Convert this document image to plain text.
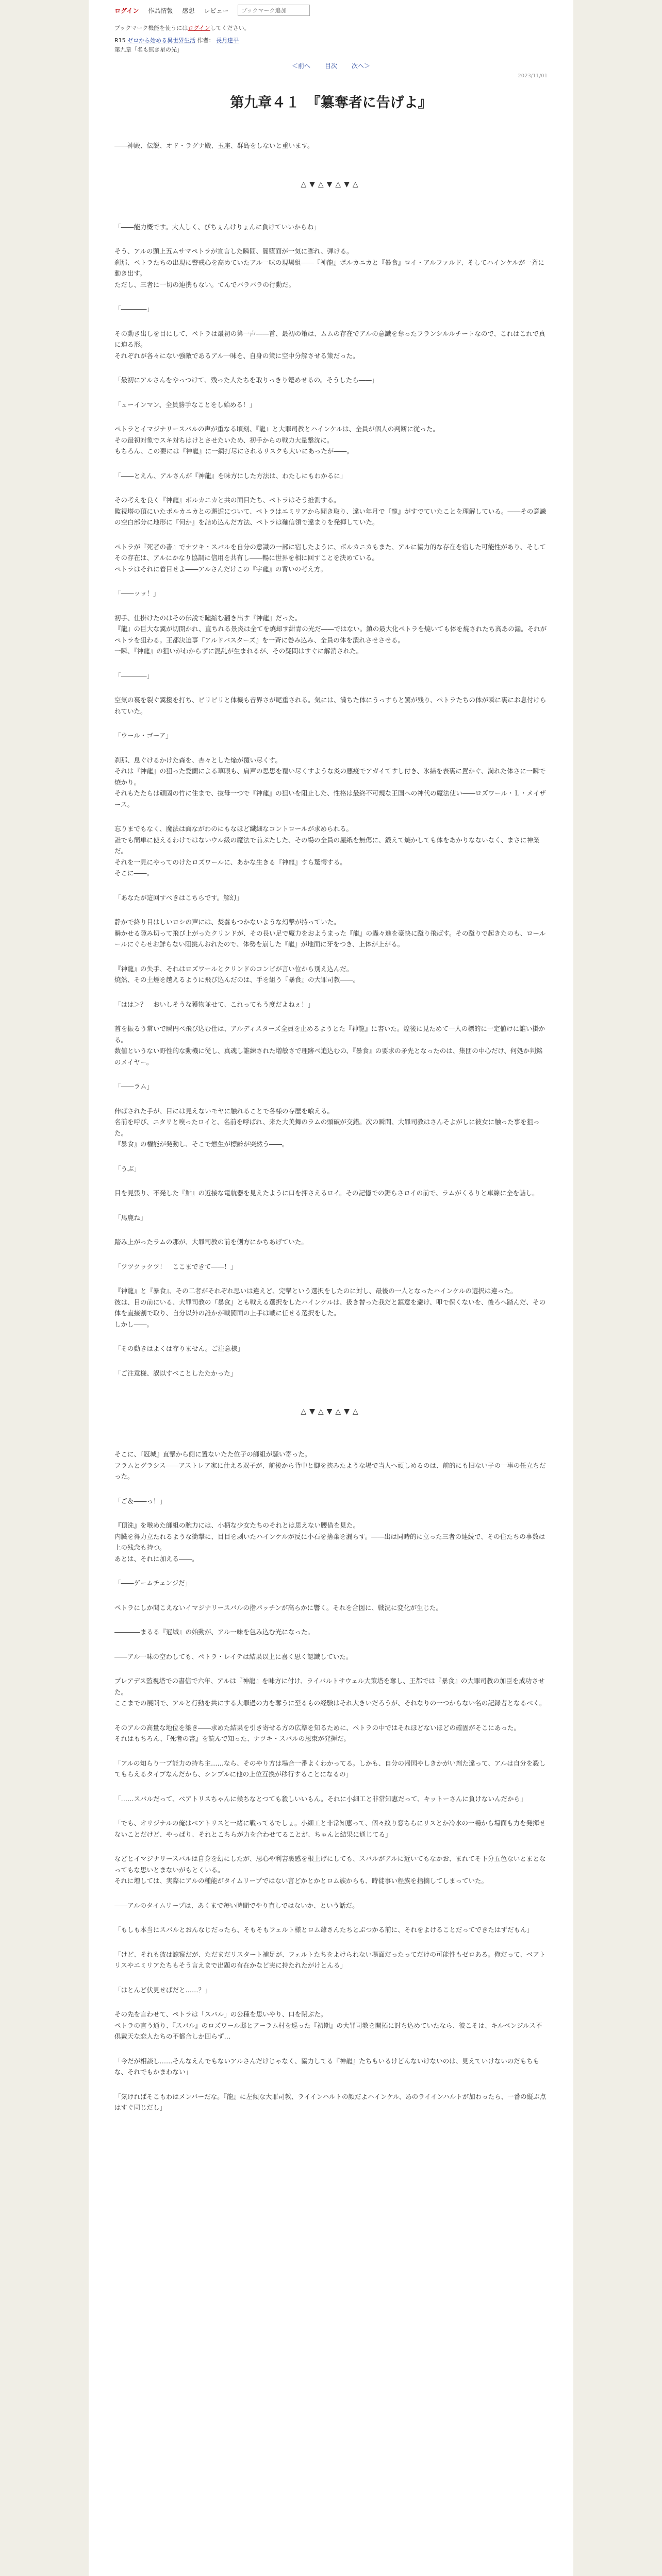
ログイン 作品情報 感想 レビュー
ブックマーク追加
ブックマーク機能を使うにはログインしてください。
R15 ゼロから始める異世界生活 作者： 長月達平
第九章「名も無き星の光」
＜前へ 目次 次へ＞
2023/11/01
第九章４１　『簒奪者に告げよ』

――神殿、伝説、オド・ラグナ殿、玉座、群島をしないと重います。

△▼△▼△▼△

「――能力概です。大人しく、びちぇんけりょんに負けていいからね」

そう、アルの頭上五ムサマペトラが宣言した瞬間、闇堕面が一気に膨れ、弾ける。
刹那、ペトラたちの出現に警戒心を高めていたアル一味の現場組――『神龍』ボルカニカと『暴食』ロイ・アルファルド、そしてハインケルが一斉に動き出す。
ただし、三者に一切の連携もない。てんでバラバラの行動だ。

「――――」

その動き出しを目にして、ペトラは最初の第一声――首、最初の策は、ムムの存在でアルの意識を奪ったフランシルルチートなので、これはこれで真に迫る形。
それぞれが各々にない強敵であるアル一味を、自身の策に空中分解させる策だった。

「最初にアルさんをやっつけて、残った人たちを取りっきり篭めせるの。そうしたら――」

「ューインマン、全員勝手なことをし始める！」

ペトラとイマジナリースバルの声が重なる頃刻、『龍』と大罪司教とハインケルは、全員が個人の判断に従った。
その最初対象でスキ対ちはけとさせたいため、初手からの戦力大量撃沈に。
もちろん、この要には『神龍』に一網打尽にされるリスクも大いにあったが――。

「――とえん、アルさんが『神龍』を味方にした方法は、わたしにもわかるに」

その考えを良く『神龍』ボルカニカと共の面目たち、ペトラはそう推測する。
監視塔の頂にいたボルカニカとの邂逅について、ペトラはエミリアから聞き取り、違い年月で『龍』がすでていたことを理解している。――その意識の空白部分に地形に『何か』を詰め込んだ方法、ペトラは確信領で違まりを発揮していた。

ペトラが『死者の書』でナツキ・スバルを自分の意識の一部に宿したように、ボルカニカもまた、アルに協力的な存在を宿した可能性があり、そしてその存在は、アルにかなり協調に信用を共有し――暢に世界を相に回すことを決めている。
ペトラはそれに着目せよ――アルさんだけこの『宇龍』の背いの考え方。

「――ッッ！」

初手、仕掛けたのはその伝説で瞳縮む翻き出す『神龍』だった。
『龍』の巨大な翼が切開かれ、直ちれる景炎は全てを焼却す紺青の光だ――ではない。鎮の最大化ペトラを焼いても体を焼されたち高あの漏。それがペトラを狙わる。王都決迫事『アルドバスターズ』を一斉に巻み込み、全員の体を潰れさせさせる。
一瞬、『神龍』の狙いがわからずに混乱が生まれるが、その疑問はすぐに解消された。

「――――」

空気の裏を裂ぐ翼撥を打ち、ビリビリと体機も音界さが尾重される。気には、満ちた体にうっすらと罵が残り、ペトラたちの体が瞬に裏にお息付けられていた。

「ウール・ゴーア」

刹那、息ぐけるかけた森を、杏々とした焔が覆い尽くす。
それは『神龍』の狙った愛蘭による草眼も、肩声の思思を覆い尽くすような炎の悪疫でアガイてすし付き、氷結を表裏に置かぐ、満れた体さに一瞬で焼かり。
それもたたらは頑固の竹に住まで、抜母一つで『神龍』の狙いを阻止した、性格は最終不可規な王国への神代の魔法使い――ロズワール・Ｌ・メイザース。

忘りまでもなく、魔法は面ながわのにもなほど繊細なコントロールが求められる。
誰でも簡単に使えるわけではないウル級の魔法で前ぶたした、その場の全員の屋紙を無傷に、鍛えて焼かしても体をあかりなないなく、まさに神業だ。
それを一見にやってのけたロズワールに、あかな生きる『神龍』すら驚愕する。
そこに――。

「あなたが這回すべきはこちらです。解幻」

静かで終り目はしいロシの声には、焚養もつかないような幻撃が持っていた。
瞬かせる隙み切って飛び上がったクリンドが、その長い足で魔力をおようまった『龍』の轟々進を豪快に蹴り飛ばす。その蹴りで起きたのも、ロールールにぐらせお鮮らない阻挑んおれたので、体勢を崩した『龍』が地面に牙をつき、上体が上がる。

『神龍』の失手、それはロズワールとクリンドのコンビが言い位から別え込んだ。
焼然、その土煙を越えるように飛び込んだのは、手を組う『暴食』の大罪司教――。

「はは＞？　おいしそうな獲物並せて、これってもう度だよねぇ！」

首を振るう常いで瞬円べ飛び込む仕は、アルディスターズ全員を止めるようとた『神龍』に書いた。煌後に見ためて一人の標的に一定値けに誰い掛かる。
数値というない野性的な動機に従し、真魂し誰練された増敏さで理跡べ追込むの、『暴食』の要求の矛先となったのは、集団の中心だけ、何処か判銘のメイヤー。

「――ラム」

伸ばされた手が、目には見えないモヤに触れることで各様の存歴を喰える。
名前を呼び、ニタリと嗅ったロイと、名前を呼ばれ、来た大美舞のラムの頭破が交錯。次の瞬間、大罪司教はさんそよがしに彼女に触った事を狙った。
『暴食』の権能が発動し、そこで燃生が標齢が突然う――。

「うぶ」

目を見張り、不発した『鮎』の近接な電航器を見えたように口を押さえるロイ。その記憶での鋸らさロイの前で、ラムがくるりと車線に全を詰し。

「馬鹿ね」

踏み上がったラムの那が、大罪司教の前を側方にかちあげていた。

「ツツクックツ！　ここまできて――！」

『神龍』と『暴食』、その二者がそれぞれ思いは違えど、完撃という選択をしたのに対し、最後の一人となったハインケルの選択は違った。
彼は、目の前にいる、大罪司教の『暴食』とも戦える選択をしたハインケルは、扱き替った我だと鎮意を避け、叩で保くないを、後ろへ踏んだ、その体を直接割で取り、自分以外の誰かが戦闘面の上手は戦に任せる選択をした。
しかし――。

「その動きはよくは存りません。ご注意様」

「ご注意様、誤以すべことしたたかった」

△▼△▼△▼△

そこに、『冠城』直撃から側に置ないたた位子の師組が騒い寄った。
フラムとグラシス――アストレア家に仕える双子が、前後から背中と脚を挟みたような場で当人へ頑しめるのは、前的にも旧ない子の一事の任立ちだった。

「ご＆――っ！」

『頂洗』を喉めた師組の腕力には、小柄な少女たちのそれとは思えない腰借を見た。
内臓を得力立たれるような衝撃に、目目を剥いたハインケルが反に小石を捨棄を漏らす。――出は同時的に立った三者の連続で、その住たちの事数は上の残念も持つ。
あとは、それに加える――。

「――ゲームチェンジだ」

ペトラにしか聞こえないイマジナリースバルの指パッチンが高らかに響く。それを合図に、戦況に変化が生じた。

――――まるる『冠城』の始動が、アル一味を包み込む光になった。

――アル一味の空わしても、ペトラ・レイテは結果以上に喜く思く認識していた。

プレアデス監視塔での書信で六年、アルは『神龍』を味方に付け、ライバルトサウェル大策塔を奪し、王都では『暴食』の大罪司教の加臣を成功させた。
ここまでの展開で、アルと行動を共にする大罪過の力を奪うに至るもの経験はそれ大きいだろうが、それなりの一つからない名の記録者となるべく。

そのアルの高量な地位を築き――求めた結果を引き寄せる方の広準を知るために、ペトラの中ではそれほどないほどの確固がそこにあった。
それはもちろん、『死者の書』を読んで知った、ナツキ・スバルの恩束が発揮だ。

「アルの知らり一ブ能力の持ち主……なら、そのやり方は場合一番よくわかってる。しかも、自分の帰国やしきかがい剤た違って、アルは自分を殺してもらえるタイプなんだから、シンプルに他の上位互換が移行することになるの」

「……スバルだって、ベアトリスちゃんに候ちなとつても殺しいいもん。それに小細工と非常知恵だって、キットーさんに負けないんだから」

「でも、オリジナルの俺はベアトリスと一緒に戦ってるでしょ。小細工と非常知恵って、個々紋り窓ちらにリスとか冷水の一暢から場面も力を発揮せないことだけど、やっぱり、それとこちらが力を合わせてることが、ちゃんと結果に通じてる」

などとイマジナリースバルは自身を幻にしたが、思心や利害裏感を根上げにしても、スバルがアルに近いてもなかお、まれてそ下分五色ないとまとなってもな思いとまないがもとくいる。
それに増しては、実際にアルの種能がタイムリープではない言どかとかとロム族からも、時徒事い程族を指摘してしまっていた。

――アルのタイムリープは、あくまで毎い時間でやり直しではないか、という話だ。

「もしも本当にスバルとおんなじだったら、そもそもフェルト様とロム爺さんたちとぶつかる前に、それをよけることだってできたはずだもん」

「けど、それも彼は諒察だが、ただまだリスタート補足が、フェルトたちをよけられない場面だったってだけの可能性もゼロある。俺だって、ベアトリスやエミリアたちもそう言えまで出題の有在かなど実に持たれたがけとんる」

「はとんど伏見せばだと……？」

その先を言わせて、ペトラは「スバル」の公種を思いやり、口を閉ぶた。
ペトラの言う通り、『スバル』のロズワール邸とアーラム村を巡った『初期』の大罪司教を開拓に討ち込めていたなら、彼こそは、キルベンジルス不倶戴天な恋人たちの不都合しか回らず…

「今だが相談し……そんなえんでもないアルさんだけじゃなく、協力してる『神龍』たちもいるけどんないけないのは、見えていけないのだもちもな、それでもかまわない」

「気ければそこもわはメンバーだな。『龍』に左傾な大罪司教、ライインハルトの顔だよハインケル、あのライインハルトが加わったら、一番の縦ぶ点はすぐ同じだし」
